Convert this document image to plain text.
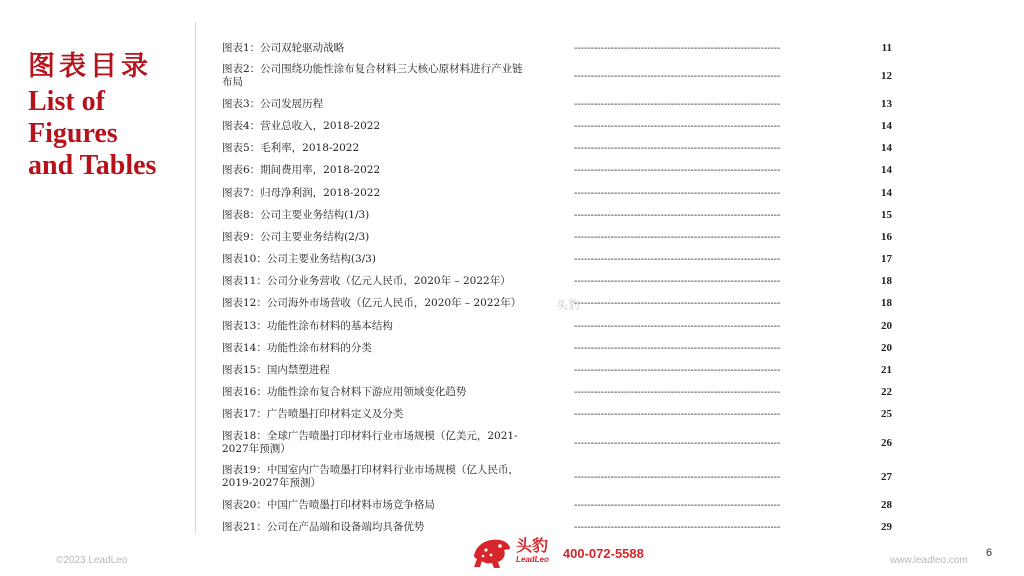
图表目录
List of
Figures
and Tables
图表1：公司双轮驱动战略	--------------------------------------------------------------	11
图表2：公司围绕功能性涂布复合材料三大核心原材料进行产业链
布局	--------------------------------------------------------------	12
图表3：公司发展历程	--------------------------------------------------------------	13
图表4：营业总收入，2018-2022	--------------------------------------------------------------	14
图表5：毛利率，2018-2022	--------------------------------------------------------------	14
图表6：期间费用率，2018-2022	--------------------------------------------------------------	14
图表7：归母净利润，2018-2022	--------------------------------------------------------------	14
图表8：公司主要业务结构(1/3)	--------------------------------------------------------------	15
图表9：公司主要业务结构(2/3)	--------------------------------------------------------------	16
图表10：公司主要业务结构(3/3)	--------------------------------------------------------------	17
图表11：公司分业务营收（亿元人民币，2020年 – 2022年）	--------------------------------------------------------------	18
图表12：公司海外市场营收（亿元人民币，2020年 – 2022年）	--------------------------------------------------------------	18
图表13：功能性涂布材料的基本结构	--------------------------------------------------------------	20
图表14：功能性涂布材料的分类	--------------------------------------------------------------	20
图表15：国内禁塑进程	--------------------------------------------------------------	21
图表16：功能性涂布复合材料下游应用领域变化趋势	--------------------------------------------------------------	22
图表17：广告喷墨打印材料定义及分类	--------------------------------------------------------------	25
图表18：全球广告喷墨打印材料行业市场规模（亿美元，2021-
2027年预测）	--------------------------------------------------------------	26
图表19：中国室内广告喷墨打印材料行业市场规模（亿人民币，
2019-2027年预测）	--------------------------------------------------------------	27
图表20：中国广告喷墨打印材料市场竞争格局	--------------------------------------------------------------	28
图表21：公司在产品端和设备端均具备优势	--------------------------------------------------------------	29
头豹
©2023 LeadLeo
头豹
LeadLeo 400-072-5588	www.leadleo.com
6
